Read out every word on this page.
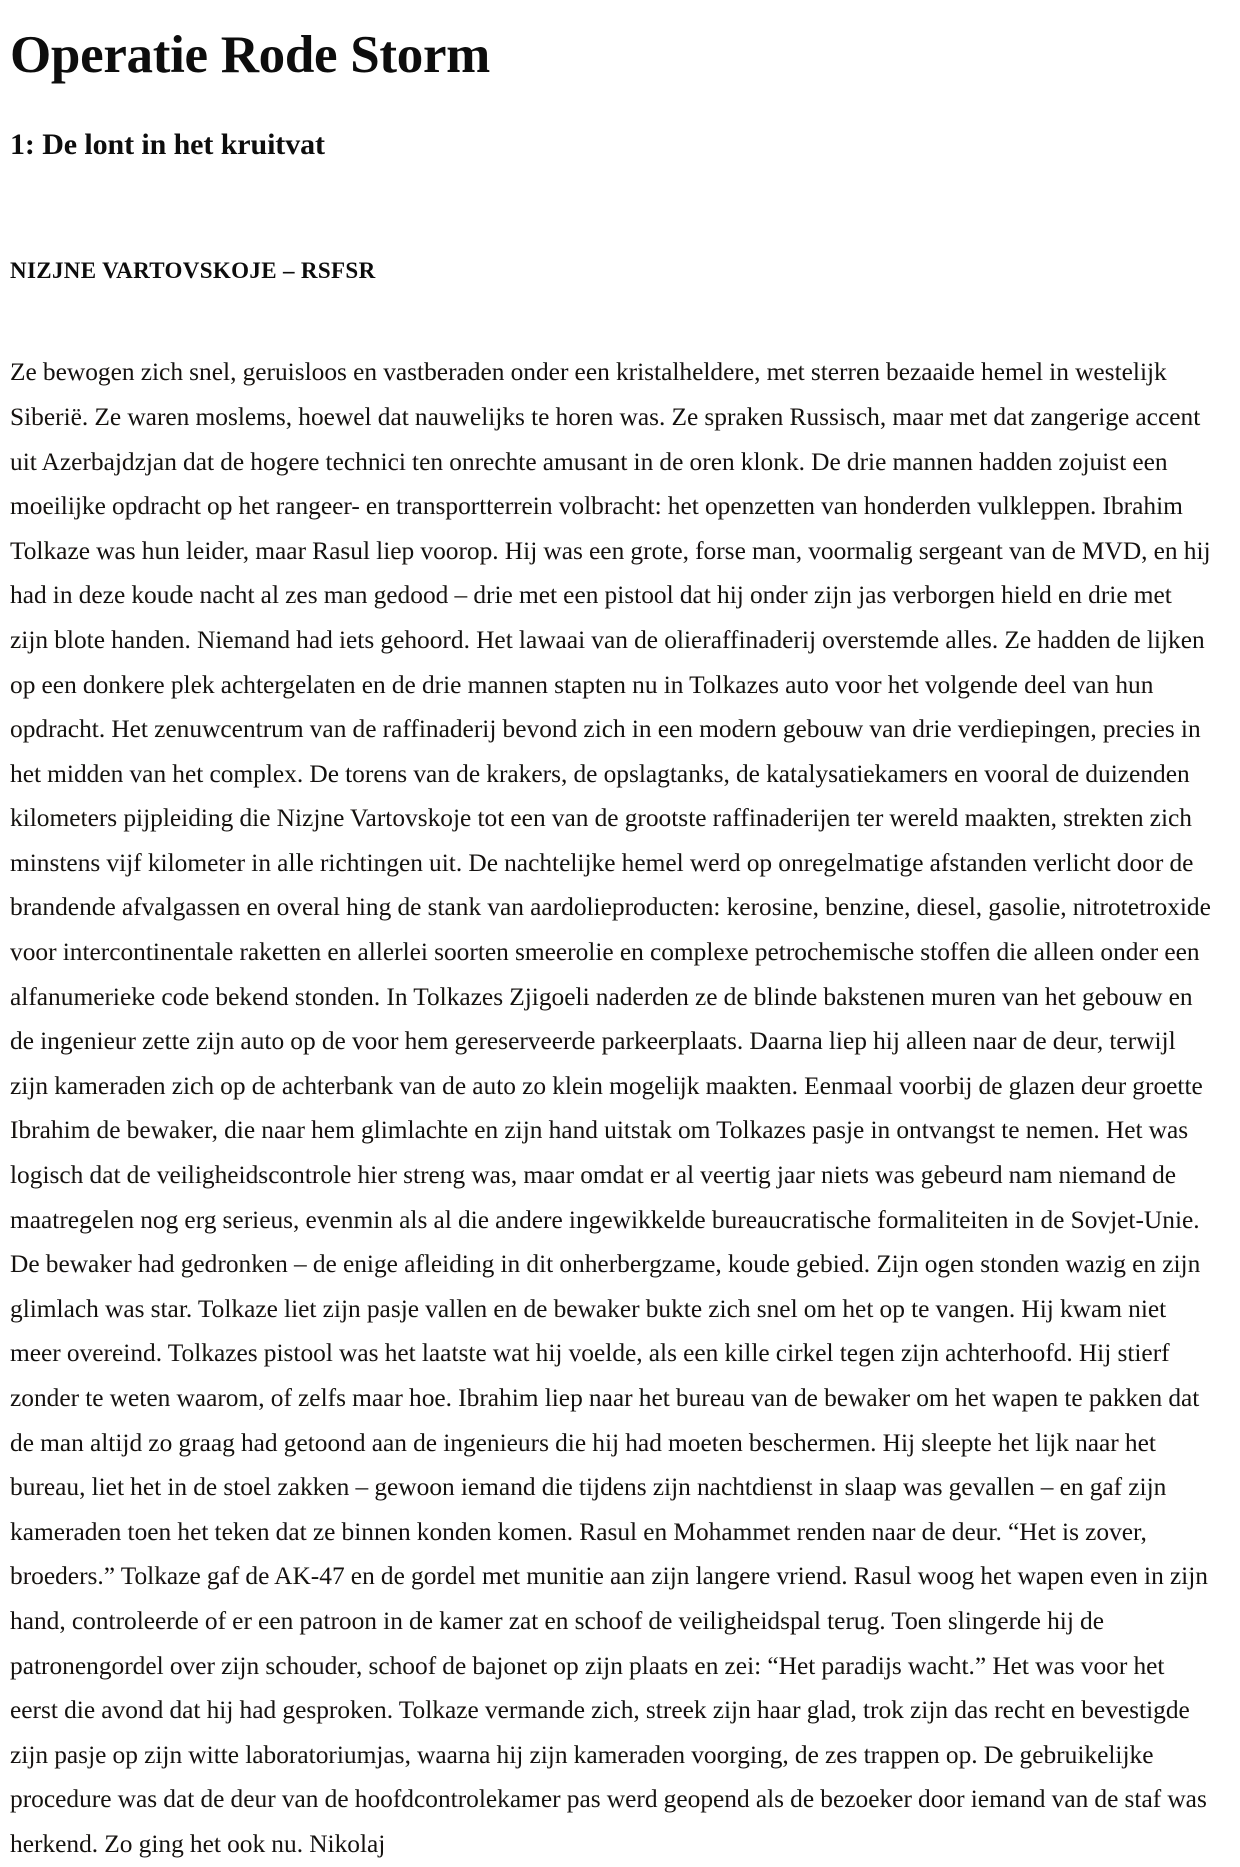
Operatie Rode Storm
1: De lont in het kruitvat
NIZJNE VARTOVSKOJE – RSFSR

Ze bewogen zich snel, geruisloos en vastberaden onder een kristalheldere, met sterren bezaaide hemel in westelijk Siberië. Ze waren moslems, hoewel dat nauwelijks te horen was. Ze spraken Russisch, maar met dat zangerige accent uit Azerbajdzjan dat de hogere technici ten onrechte amusant in de oren klonk. De drie mannen hadden zojuist een moeilijke opdracht op het rangeer- en transportterrein volbracht: het openzetten van honderden vulkleppen. Ibrahim Tolkaze was hun leider, maar Rasul liep voorop. Hij was een grote, forse man, voormalig sergeant van de MVD, en hij had in deze koude nacht al zes man gedood – drie met een pistool dat hij onder zijn jas verborgen hield en drie met zijn blote handen. Niemand had iets gehoord. Het lawaai van de olieraffinaderij overstemde alles. Ze hadden de lijken op een donkere plek achtergelaten en de drie mannen stapten nu in Tolkazes auto voor het volgende deel van hun opdracht. Het zenuwcentrum van de raffinaderij bevond zich in een modern gebouw van drie verdiepingen, precies in het midden van het complex. De torens van de krakers, de opslagtanks, de katalysatiekamers en vooral de duizenden kilometers pijpleiding die Nizjne Vartovskoje tot een van de grootste raffinaderijen ter wereld maakten, strekten zich minstens vijf kilometer in alle richtingen uit. De nachtelijke hemel werd op onregelmatige afstanden verlicht door de brandende afvalgassen en overal hing de stank van aardolieproducten: kerosine, benzine, diesel, gasolie, nitrotetroxide voor intercontinentale raketten en allerlei soorten smeerolie en complexe petrochemische stoffen die alleen onder een alfanumerieke code bekend stonden. In Tolkazes Zjigoeli naderden ze de blinde bakstenen muren van het gebouw en de ingenieur zette zijn auto op de voor hem gereserveerde parkeerplaats. Daarna liep hij alleen naar de deur, terwijl zijn kameraden zich op de achterbank van de auto zo klein mogelijk maakten. Eenmaal voorbij de glazen deur groette Ibrahim de bewaker, die naar hem glimlachte en zijn hand uitstak om Tolkazes pasje in ontvangst te nemen. Het was logisch dat de veiligheidscontrole hier streng was, maar omdat er al veertig jaar niets was gebeurd nam niemand de maatregelen nog erg serieus, evenmin als al die andere ingewikkelde bureaucratische formaliteiten in de Sovjet-Unie. De bewaker had gedronken – de enige afleiding in dit onherbergzame, koude gebied. Zijn ogen stonden wazig en zijn glimlach was star. Tolkaze liet zijn pasje vallen en de bewaker bukte zich snel om het op te vangen. Hij kwam niet meer overeind. Tolkazes pistool was het laatste wat hij voelde, als een kille cirkel tegen zijn achterhoofd. Hij stierf zonder te weten waarom, of zelfs maar hoe. Ibrahim liep naar het bureau van de bewaker om het wapen te pakken dat de man altijd zo graag had getoond aan de ingenieurs die hij had moeten beschermen. Hij sleepte het lijk naar het bureau, liet het in de stoel zakken – gewoon iemand die tijdens zijn nachtdienst in slaap was gevallen – en gaf zijn kameraden toen het teken dat ze binnen konden komen. Rasul en Mohammet renden naar de deur. “Het is zover, broeders.” Tolkaze gaf de AK-47 en de gordel met munitie aan zijn langere vriend. Rasul woog het wapen even in zijn hand, controleerde of er een patroon in de kamer zat en schoof de veiligheidspal terug. Toen slingerde hij de patronengordel over zijn schouder, schoof de bajonet op zijn plaats en zei: “Het paradijs wacht.” Het was voor het eerst die avond dat hij had gesproken. Tolkaze vermande zich, streek zijn haar glad, trok zijn das recht en bevestigde zijn pasje op zijn witte laboratoriumjas, waarna hij zijn kameraden voorging, de zes trappen op. De gebruikelijke procedure was dat de deur van de hoofdcontrolekamer pas werd geopend als de bezoeker door iemand van de staf was herkend. Zo ging het ook nu. Nikolaj
